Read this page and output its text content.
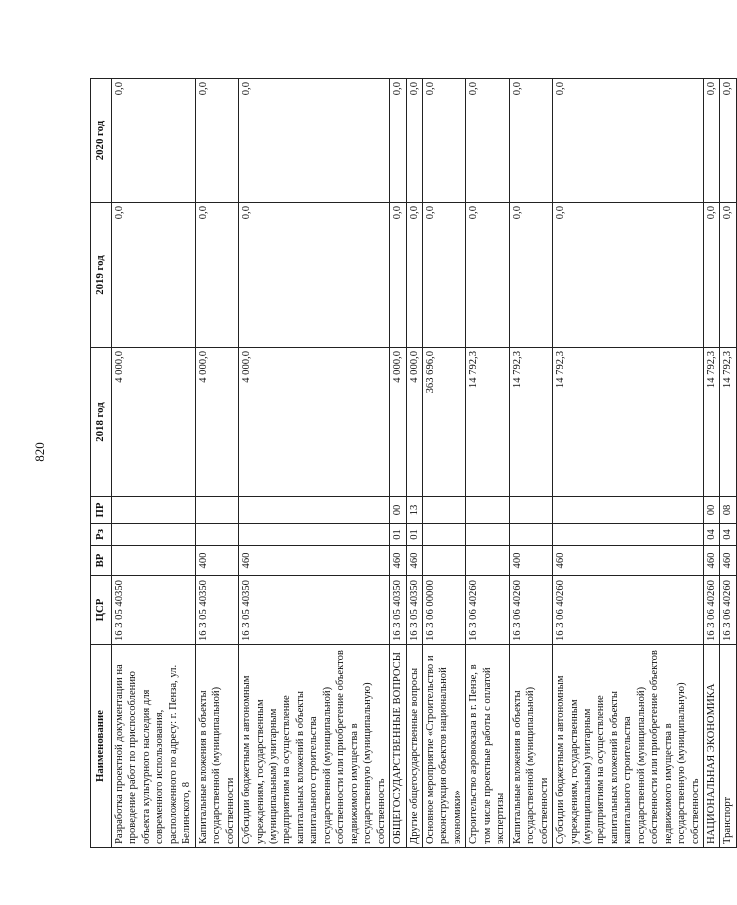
820
Наименование	ЦСР	ВР	Рз	ПР	2018 год	2019 год	2020 год
Разработка проектной документации на проведение работ по приспособлению объекта культурного наследия для современного использования, расположенного по адресу: г. Пенза, ул. Белинского, 8	16 3 05 40350				4 000,0	0,0	0,0
Капитальные вложения в объекты государственной (муниципальной) собственности	16 3 05 40350	400			4 000,0	0,0	0,0
Субсидии бюджетным и автономным учреждениям, государственным (муниципальным) унитарным предприятиям на осуществление капитальных вложений в объекты капитального строительства государственной (муниципальной) собственности или приобретение объектов недвижимого имущества в государственную (муниципальную) собственность	16 3 05 40350	460			4 000,0	0,0	0,0
ОБЩЕГОСУДАРСТВЕННЫЕ ВОПРОСЫ	16 3 05 40350	460	01	00	4 000,0	0,0	0,0
Другие общегосударственные вопросы	16 3 05 40350	460	01	13	4 000,0	0,0	0,0
Основное мероприятие «Строительство и реконструкция объектов национальной экономики»	16 3 06 00000				363 696,0	0,0	0,0
Строительство аэровокзала в г. Пензе, в том числе проектные работы с оплатой экспертизы	16 3 06 40260				14 792,3	0,0	0,0
Капитальные вложения в объекты государственной (муниципальной) собственности	16 3 06 40260	400			14 792,3	0,0	0,0
Субсидии бюджетным и автономным учреждениям, государственным (муниципальным) унитарным предприятиям на осуществление капитальных вложений в объекты капитального строительства государственной (муниципальной) собственности или приобретение объектов недвижимого имущества в государственную (муниципальную) собственность	16 3 06 40260	460			14 792,3	0,0	0,0
НАЦИОНАЛЬНАЯ ЭКОНОМИКА	16 3 06 40260	460	04	00	14 792,3	0,0	0,0
Транспорт	16 3 06 40260	460	04	08	14 792,3	0,0	0,0
